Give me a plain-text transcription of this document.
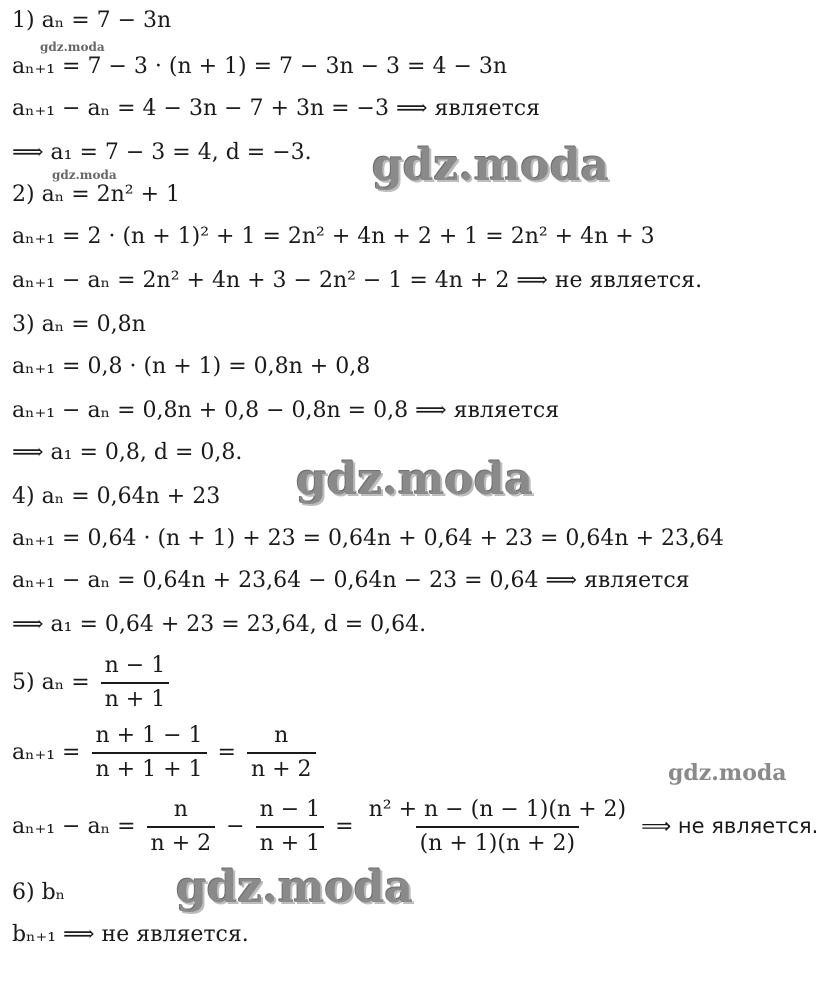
gdz.moda
gdz.moda	gdz.moda
gdz.moda
gdz.moda
gdz.moda
1) aₙ = 7 − 3n
aₙ₊₁ = 7 − 3 · (n + 1) = 7 − 3n − 3 = 4 − 3n
aₙ₊₁ − aₙ = 4 − 3n − 7 + 3n = −3 ⟹ является
⟹ a₁ = 7 − 3 = 4, d = −3.
2) aₙ = 2n² + 1
aₙ₊₁ = 2 · (n + 1)² + 1 = 2n² + 4n + 2 + 1 = 2n² + 4n + 3
aₙ₊₁ − aₙ = 2n² + 4n + 3 − 2n² − 1 = 4n + 2 ⟹ не является.
3) aₙ = 0,8n
aₙ₊₁ = 0,8 · (n + 1) = 0,8n + 0,8
aₙ₊₁ − aₙ = 0,8n + 0,8 − 0,8n = 0,8 ⟹ является
⟹ a₁ = 0,8, d = 0,8.
4) aₙ = 0,64n + 23
aₙ₊₁ = 0,64 · (n + 1) + 23 = 0,64n + 0,64 + 23 = 0,64n + 23,64
aₙ₊₁ − aₙ = 0,64n + 23,64 − 0,64n − 23 = 0,64 ⟹ является
⟹ a₁ = 0,64 + 23 = 23,64, d = 0,64.
5) $a_n = \frac{n - 1}{n + 1}$
$a_{n+1} = \frac{n + 1 - 1}{n + 1 + 1} = \frac{n}{n + 2}$
$a_{n+1} - a_n = \frac{n}{n + 2} - \frac{n - 1}{n + 1} = \frac{\text{n² + n − (n − 1)(n + 2)}}{(n + 1)(n + 2)}$ ⟹ не является.
6) bₙ
bₙ₊₁ ⟹ не является.
